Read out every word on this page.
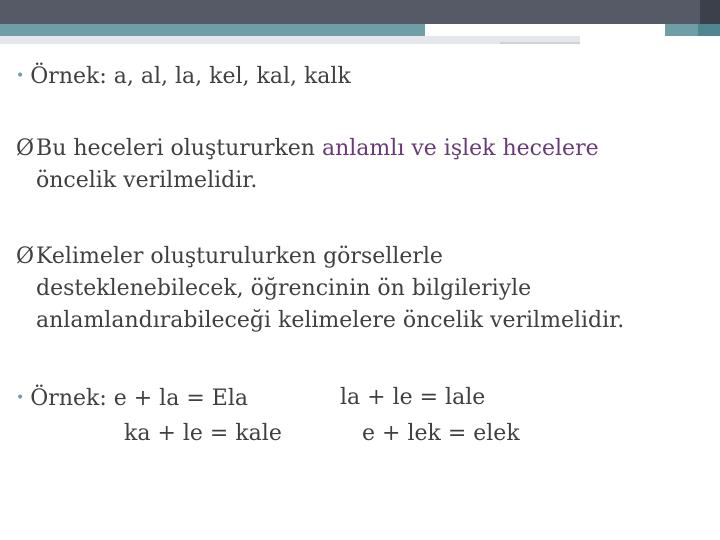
• Örnek: a, al, la, kel, kal, kalk
ØBu heceleri oluştururken anlamlı ve işlek hecelere
öncelik verilmelidir.
ØKelimeler oluşturulurken görsellerle
desteklenebilecek, öğrencinin ön bilgileriyle
anlamlandırabileceği kelimelere öncelik verilmelidir.
• Örnek: e + la = Ela	la + le = lale
ka + le = kale	e + lek = elek
